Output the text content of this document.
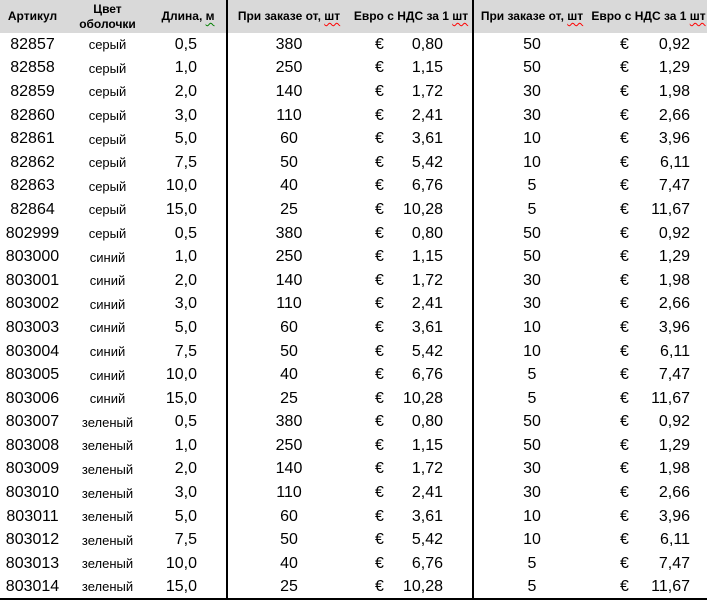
Артикул	Цвет оболочки	Длина, м	При заказе от, шт	Евро с НДС за 1 шт	При заказе от, шт	Евро с НДС за 1 шт
82857	серый	0,5	380	€ 0,80	50	€ 0,92

82858	серый	1,0	250	€ 1,15	50	€ 1,29

82859	серый	2,0	140	€ 1,72	30	€ 1,98

82860	серый	3,0	110	€ 2,41	30	€ 2,66

82861	серый	5,0	60	€ 3,61	10	€ 3,96

82862	серый	7,5	50	€ 5,42	10	€ 6,11

82863	серый	10,0	40	€ 6,76	5	€ 7,47

82864	серый	15,0	25	€ 10,28	5	€ 11,67

802999	серый	0,5	380	€ 0,80	50	€ 0,92

803000	синий	1,0	250	€ 1,15	50	€ 1,29

803001	синий	2,0	140	€ 1,72	30	€ 1,98

803002	синий	3,0	110	€ 2,41	30	€ 2,66

803003	синий	5,0	60	€ 3,61	10	€ 3,96

803004	синий	7,5	50	€ 5,42	10	€ 6,11

803005	синий	10,0	40	€ 6,76	5	€ 7,47

803006	синий	15,0	25	€ 10,28	5	€ 11,67

803007	зеленый	0,5	380	€ 0,80	50	€ 0,92

803008	зеленый	1,0	250	€ 1,15	50	€ 1,29

803009	зеленый	2,0	140	€ 1,72	30	€ 1,98

803010	зеленый	3,0	110	€ 2,41	30	€ 2,66

803011	зеленый	5,0	60	€ 3,61	10	€ 3,96

803012	зеленый	7,5	50	€ 5,42	10	€ 6,11

803013	зеленый	10,0	40	€ 6,76	5	€ 7,47

803014	зеленый	15,0	25	€ 10,28	5	€ 11,67
